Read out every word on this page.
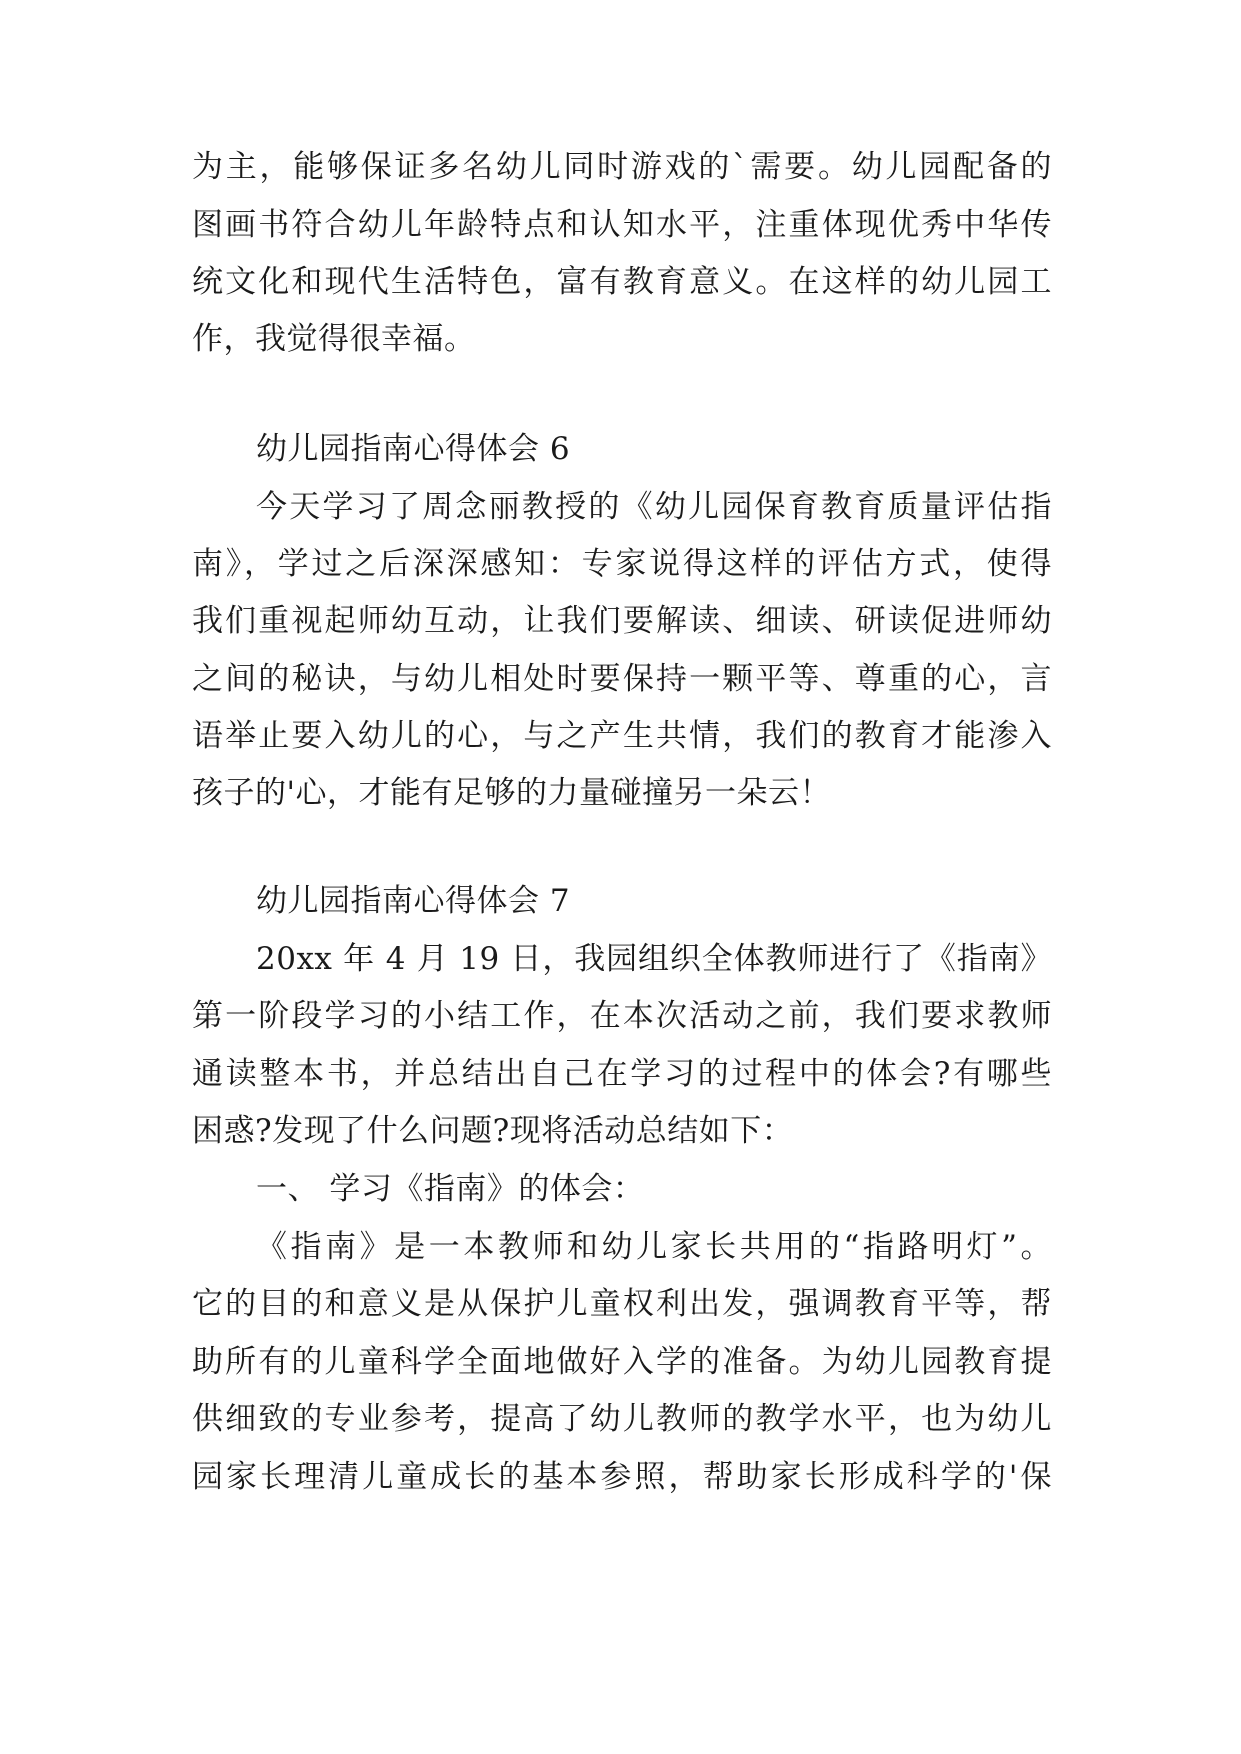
为主，能够保证多名幼儿同时游戏的`需要。幼儿园配备的
图画书符合幼儿年龄特点和认知水平，注重体现优秀中华传
统文化和现代生活特色，富有教育意义。在这样的幼儿园工
作，我觉得很幸福。
幼儿园指南心得体会 6
今天学习了周念丽教授的《幼儿园保育教育质量评估指
南》，学过之后深深感知：专家说得这样的评估方式，使得
我们重视起师幼互动，让我们要解读、细读、研读促进师幼
之间的秘诀，与幼儿相处时要保持一颗平等、尊重的心，言
语举止要入幼儿的心，与之产生共情，我们的教育才能渗入
孩子的'心，才能有足够的力量碰撞另一朵云！
幼儿园指南心得体会 7
20xx 年 4 月 19 日，我园组织全体教师进行了《指南》
第一阶段学习的小结工作，在本次活动之前，我们要求教师
通读整本书，并总结出自己在学习的过程中的体会?有哪些
困惑?发现了什么问题?现将活动总结如下：
一、 学习《指南》的体会：
《指南》是一本教师和幼儿家长共用的“指路明灯”。
它的目的和意义是从保护儿童权利出发，强调教育平等，帮
助所有的儿童科学全面地做好入学的准备。为幼儿园教育提
供细致的专业参考，提高了幼儿教师的教学水平，也为幼儿
园家长理清儿童成长的基本参照，帮助家长形成科学的'保
